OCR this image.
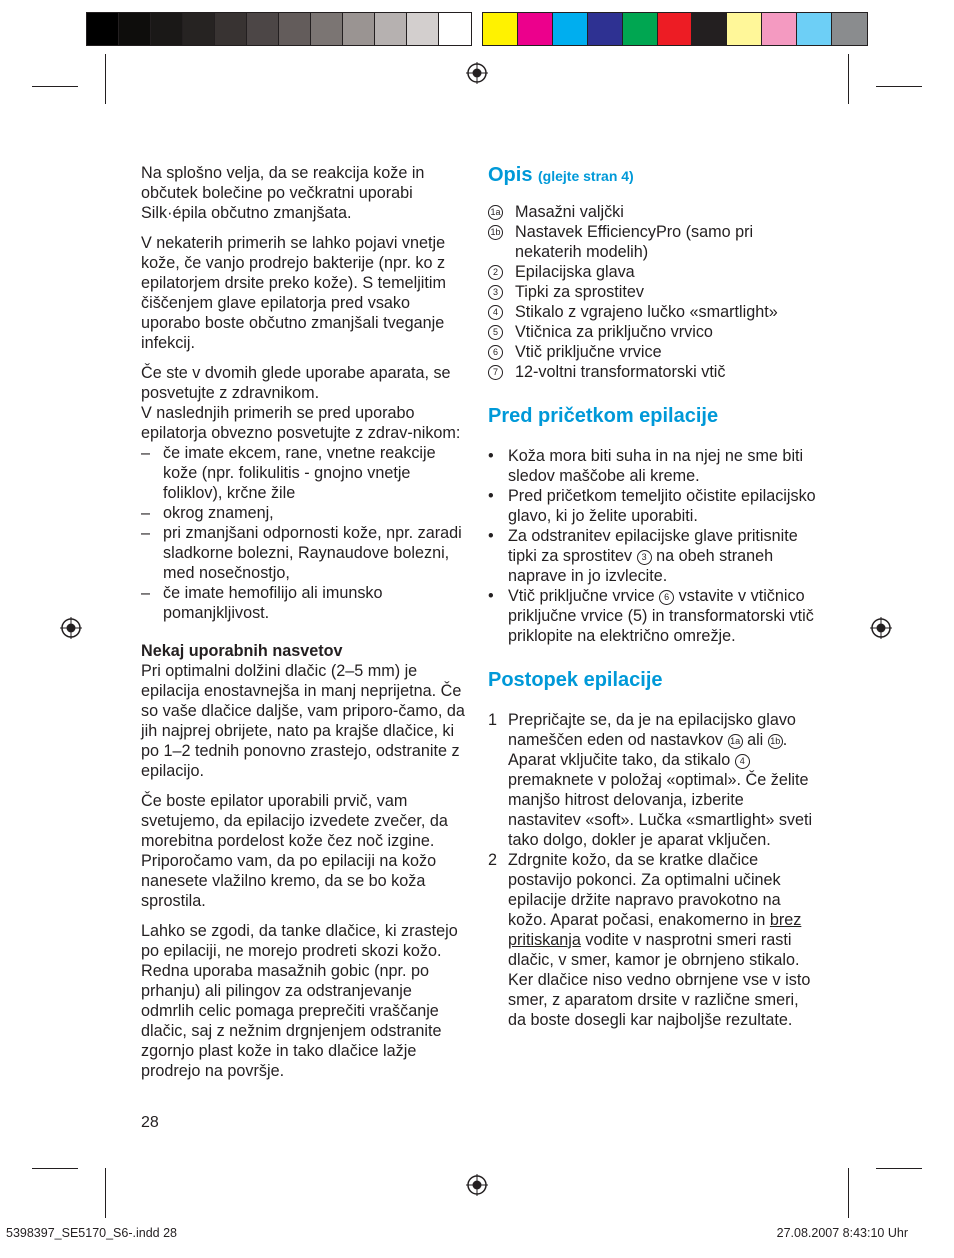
Na splošno velja, da se reakcija kože in občutek bolečine po večkratni uporabi Silk·épila občutno zmanjšata.

V nekaterih primerih se lahko pojavi vnetje kože, če vanjo prodrejo bakterije (npr. ko z epilatorjem drsite preko kože). S temeljitim čiščenjem glave epilatorja pred vsako uporabo boste občutno zmanjšali tveganje infekcij.

Če ste v dvomih glede uporabe aparata, se posvetujte z zdravnikom.

V naslednjih primerih se pred uporabo epilatorja obvezno posvetujte z zdrav-nikom:

– če imate ekcem, rane, vnetne reakcije kože (npr. folikulitis - gnojno vnetje foliklov), krčne žile
– okrog znamenj,
– pri zmanjšani odpornosti kože, npr. zaradi sladkorne bolezni, Raynaudove bolezni, med nosečnostjo,
– če imate hemofilijo ali imunsko pomanjkljivost.

Nekaj uporabnih nasvetov

Pri optimalni dolžini dlačic (2–5 mm) je epilacija enostavnejša in manj neprijetna. Če so vaše dlačice daljše, vam priporo-čamo, da jih najprej obrijete, nato pa krajše dlačice, ki po 1–2 tednih ponovno zrastejo, odstranite z epilacijo.

Če boste epilator uporabili prvič, vam svetujemo, da epilacijo izvedete zvečer, da morebitna pordelost kože čez noč izgine. Priporočamo vam, da po epilaciji na kožo nanesete vlažilno kremo, da se bo koža sprostila.

Lahko se zgodi, da tanke dlačice, ki zrastejo po epilaciji, ne morejo prodreti skozi kožo. Redna uporaba masažnih gobic (npr. po prhanju) ali pilingov za odstranjevanje odmrlih celic pomaga preprečiti vraščanje dlačic, saj z nežnim drgnjenjem odstranite zgornjo plast kože in tako dlačice lažje prodrejo na površje.

Opis (glejte stran 4)
1a Masažni valjčki
1b Nastavek EfficiencyPro (samo pri nekaterih modelih)
2	Epilacijska glava
3	Tipki za sprostitev
4	Stikalo z vgrajeno lučko «smartlight»
5	Vtičnica za priključno vrvico
6	Vtič priključne vrvice
7	12-voltni transformatorski vtič
Pred pričetkom epilacije
• Koža mora biti suha in na njej ne sme biti sledov maščobe ali kreme.
• Pred pričetkom temeljito očistite epilacijsko glavo, ki jo želite uporabiti.
• Za odstranitev epilacijske glave pritisnite tipki za sprostitev 3 na obeh straneh naprave in jo izvlecite.
• Vtič priključne vrvice 6 vstavite v vtičnico priključne vrvice (5) in transformatorski vtič priklopite na električno omrežje.
Postopek epilacije
1 Prepričajte se, da je na epilacijsko glavo nameščen eden od nastavkov 1a ali 1b .
Aparat vključite tako, da stikalo 4 premaknete v položaj «optimal». Če želite manjšo hitrost delovanja, izberite nastavitev «soft». Lučka «smartlight» sveti tako dolgo, dokler je aparat vključen.
2 Zdrgnite kožo, da se kratke dlačice postavijo pokonci. Za optimalni učinek epilacije držite napravo pravokotno na kožo. Aparat počasi, enakomerno in brez pritiskanja vodite v nasprotni smeri rasti dlačic, v smer, kamor je obrnjeno stikalo. Ker dlačice niso vedno obrnjene vse v isto smer, z aparatom drsite v različne smeri, da boste dosegli kar najboljše rezultate.
28
5398397_SE5170_S6-.indd 28	27.08.2007 8:43:10 Uhr
